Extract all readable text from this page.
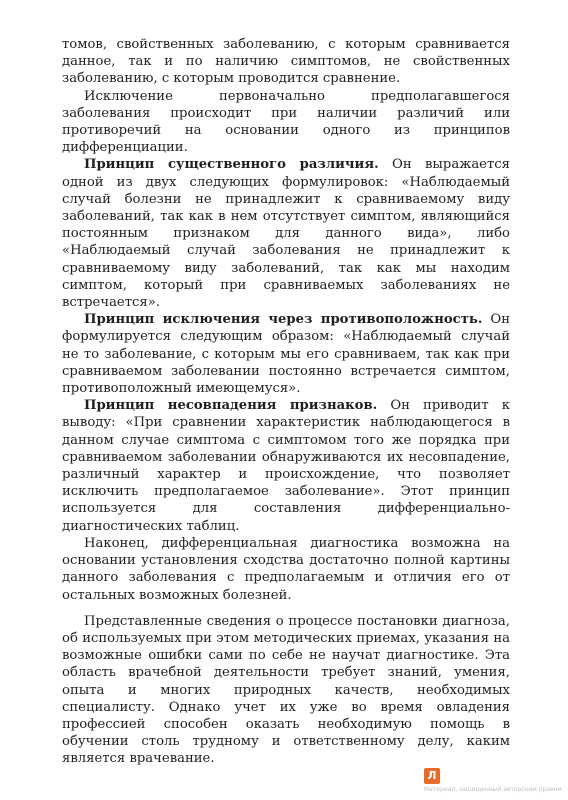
томов, свойственных заболеванию, с которым сравнивается данное, так и по наличию симптомов, не свойственных заболеванию, с которым проводится сравнение.

Исключение первоначально предполагавшегося заболевания происходит при наличии различий или противоречий на основании одного из принципов дифференциации.

Принцип существенного различия. Он выражается одной из двух следующих формулировок: «Наблюдаемый случай болезни не принадлежит к сравниваемому виду заболеваний, так как в нем отсутствует симптом, являющийся постоянным признаком для данного вида», либо «Наблюдаемый случай заболевания не принадлежит к сравниваемому виду заболеваний, так как мы находим симптом, который при сравниваемых заболеваниях не встречается».

Принцип исключения через противоположность. Он формулируется следующим образом: «Наблюдаемый случай не то заболевание, с которым мы его сравниваем, так как при сравниваемом заболевании постоянно встречается симптом, противоположный имеющемуся».

Принцип несовпадения признаков. Он приводит к выводу: «При сравнении характеристик наблюдающегося в данном случае симптома с симптомом того же порядка при сравниваемом заболевании обнаруживаются их несовпадение, различный характер и происхождение, что позволяет исключить предполагаемое заболевание». Этот принцип используется для составления дифференциально-диагностических таблиц.

Наконец, дифференциальная диагностика возможна на основании установления сходства достаточно полной картины данного заболевания с предполагаемым и отличия его от остальных возможных болезней.

Представленные сведения о процессе постановки диагноза, об используемых при этом методических приемах, указания на возможные ошибки сами по себе не научат диагностике. Эта область врачебной деятельности требует знаний, умения, опыта и многих природных качеств, необходимых специалисту. Однако учет их уже во время овладения профессией способен оказать необходимую помощь в обучении столь трудному и ответственному делу, каким является врачевание.

Л
Материал, защищенный авторским правом
